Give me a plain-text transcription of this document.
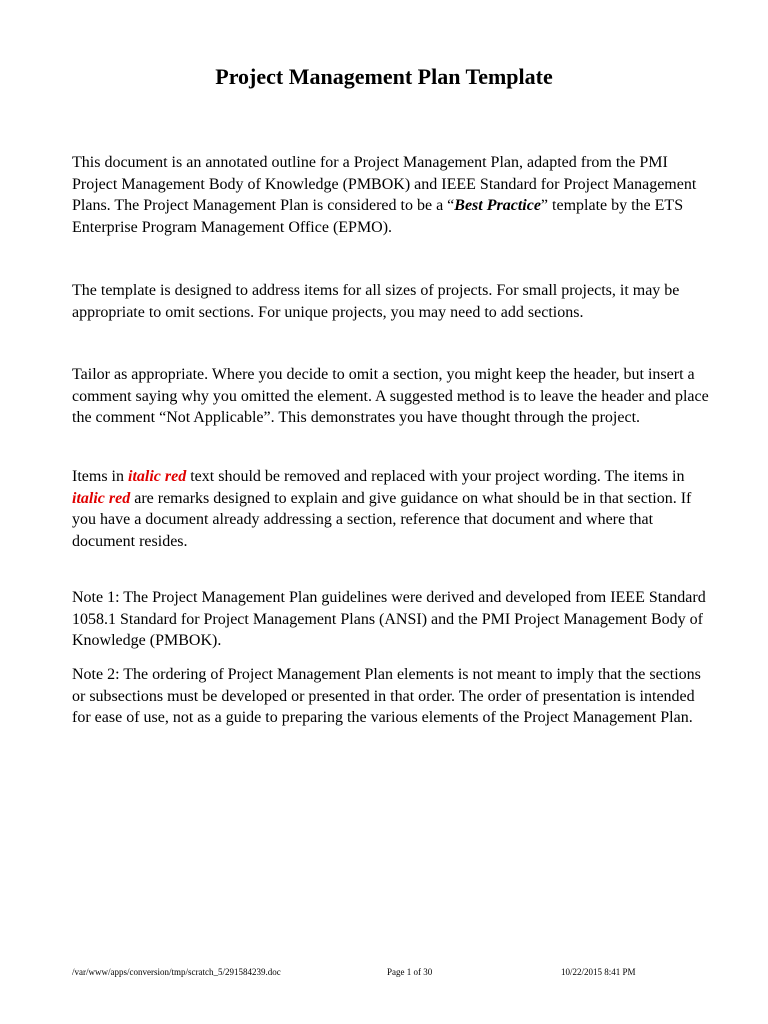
Project Management Plan Template

This document is an annotated outline for a Project Management Plan, adapted from the PMI Project Management Body of Knowledge (PMBOK) and IEEE Standard for Project Management Plans. The Project Management Plan is considered to be a “Best Practice” template by the ETS Enterprise Program Management Office (EPMO).

The template is designed to address items for all sizes of projects. For small projects, it may be appropriate to omit sections. For unique projects, you may need to add sections.

Tailor as appropriate. Where you decide to omit a section, you might keep the header, but insert a comment saying why you omitted the element. A suggested method is to leave the header and place the comment “Not Applicable”. This demonstrates you have thought through the project.

Items in italic red text should be removed and replaced with your project wording. The items in italic red are remarks designed to explain and give guidance on what should be in that section. If you have a document already addressing a section, reference that document and where that document resides.

Note 1: The Project Management Plan guidelines were derived and developed from IEEE Standard 1058.1 Standard for Project Management Plans (ANSI) and the PMI Project Management Body of Knowledge (PMBOK).

Note 2: The ordering of Project Management Plan elements is not meant to imply that the sections or subsections must be developed or presented in that order. The order of presentation is intended for ease of use, not as a guide to preparing the various elements of the Project Management Plan.

/var/www/apps/conversion/tmp/scratch_5/291584239.doc	Page 1 of 30	10/22/2015 8:41 PM
